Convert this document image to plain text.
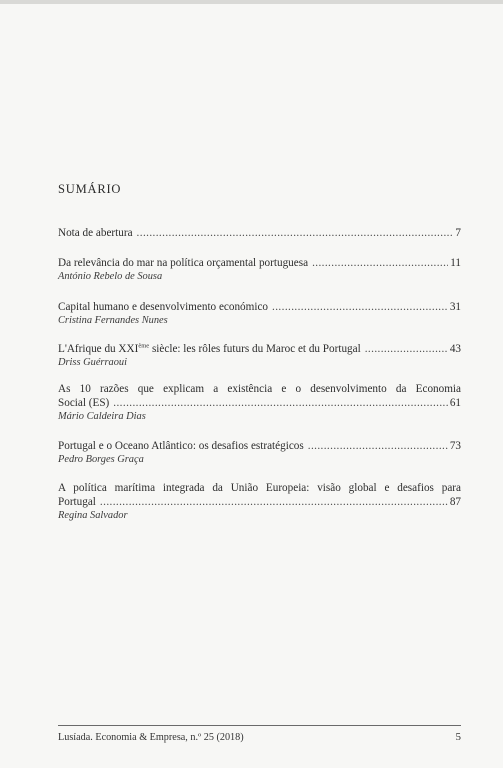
SUMÁRIO
Nota de abertura .....	7
Da relevância do mar na política orçamental portuguesa .....	11
António Rebelo de Sousa
Capital humano e desenvolvimento económico .....	31
Cristina Fernandes Nunes
L'Afrique du XXIème siècle: les rôles futurs du Maroc et du Portugal .....	43
Driss Guérraoui
As 10 razões que explicam a existência e o desenvolvimento da Economia
Social (ES) .....	61
Mário Caldeira Dias
Portugal e o Oceano Atlântico: os desafios estratégicos .....	73
Pedro Borges Graça
A política marítima integrada da União Europeia: visão global e desafios para
Portugal .....	87
Regina Salvador
Lusíada. Economia & Empresa, n.º 25 (2018)	5
